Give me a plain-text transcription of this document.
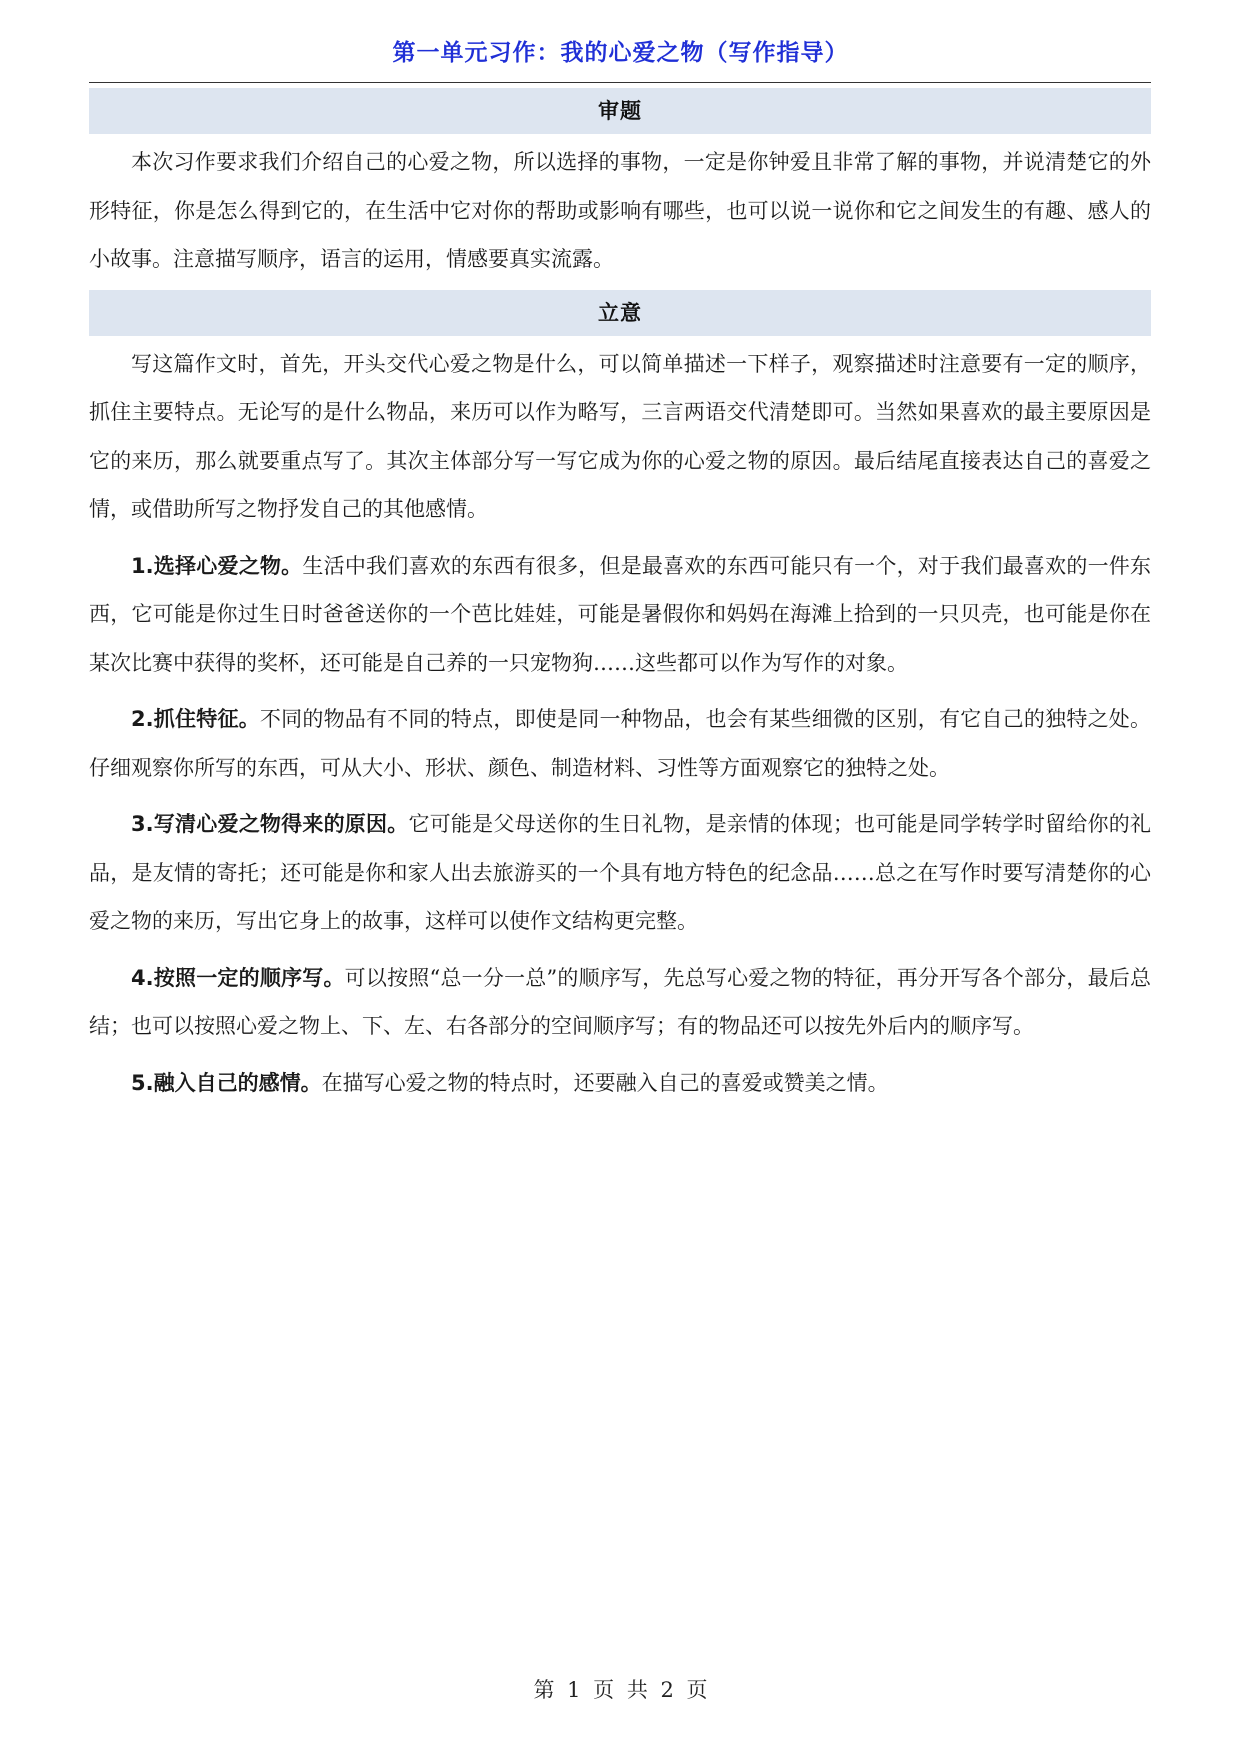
第一单元习作：我的心爱之物（写作指导）
审题

本次习作要求我们介绍自己的心爱之物，所以选择的事物，一定是你钟爱且非常了解的事物，并说清楚它的外形特征，你是怎么得到它的，在生活中它对你的帮助或影响有哪些，也可以说一说你和它之间发生的有趣、感人的小故事。注意描写顺序，语言的运用，情感要真实流露。

立意

写这篇作文时，首先，开头交代心爱之物是什么，可以简单描述一下样子，观察描述时注意要有一定的顺序，抓住主要特点。无论写的是什么物品，来历可以作为略写，三言两语交代清楚即可。当然如果喜欢的最主要原因是它的来历，那么就要重点写了。其次主体部分写一写它成为你的心爱之物的原因。最后结尾直接表达自己的喜爱之情，或借助所写之物抒发自己的其他感情。

1.选择心爱之物。生活中我们喜欢的东西有很多，但是最喜欢的东西可能只有一个，对于我们最喜欢的一件东西，它可能是你过生日时爸爸送你的一个芭比娃娃，可能是暑假你和妈妈在海滩上拾到的一只贝壳，也可能是你在某次比赛中获得的奖杯，还可能是自己养的一只宠物狗……这些都可以作为写作的对象。

2.抓住特征。不同的物品有不同的特点，即使是同一种物品，也会有某些细微的区别，有它自己的独特之处。仔细观察你所写的东西，可从大小、形状、颜色、制造材料、习性等方面观察它的独特之处。

3.写清心爱之物得来的原因。它可能是父母送你的生日礼物，是亲情的体现；也可能是同学转学时留给你的礼品，是友情的寄托；还可能是你和家人出去旅游买的一个具有地方特色的纪念品……总之在写作时要写清楚你的心爱之物的来历，写出它身上的故事，这样可以使作文结构更完整。

4.按照一定的顺序写。可以按照“总一分一总”的顺序写，先总写心爱之物的特征，再分开写各个部分，最后总结；也可以按照心爱之物上、下、左、右各部分的空间顺序写；有的物品还可以按先外后内的顺序写。

5.融入自己的感情。在描写心爱之物的特点时，还要融入自己的喜爱或赞美之情。

第 1 页 共 2 页
